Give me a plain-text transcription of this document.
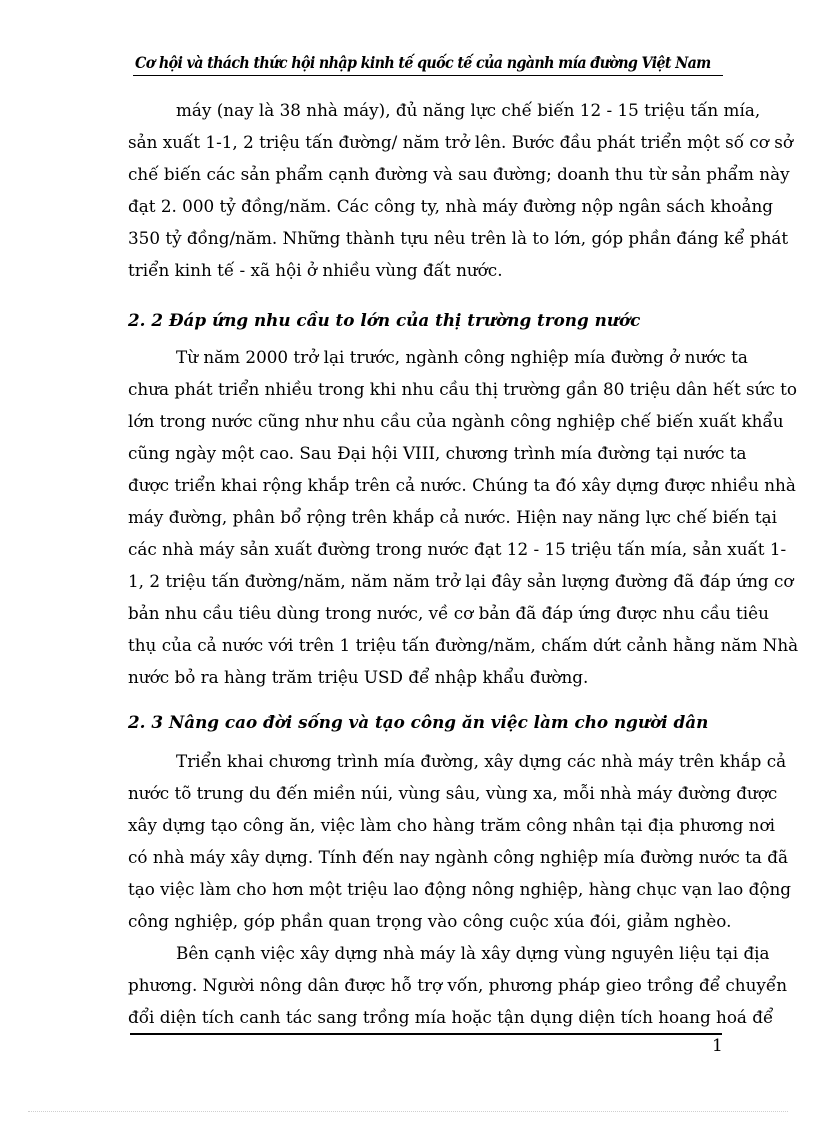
Cơ hội và thách thức hội nhập kinh tế quốc tế của ngành mía đường Việt Nam
máy (nay là 38 nhà máy), đủ năng lực chế biến 12 - 15 triệu tấn mía,
sản xuất 1-1, 2 triệu tấn đường/ năm trở lên. Bước đầu phát triển một số cơ sở
chế biến các sản phẩm cạnh đường và sau đường; doanh thu từ sản phẩm này
đạt 2. 000 tỷ đồng/năm. Các công ty, nhà máy đường nộp ngân sách khoảng
350 tỷ đồng/năm. Những thành tựu nêu trên là to lớn, góp phần đáng kể phát
triển kinh tế - xã hội ở nhiều vùng đất nước.
2. 2 Đáp ứng nhu cầu to lớn của thị trường trong nước
Từ năm 2000 trở lại trước, ngành công nghiệp mía đường ở nước ta
chưa phát triển nhiều trong khi nhu cầu thị trường gần 80 triệu dân hết sức to
lớn trong nước cũng như nhu cầu của ngành công nghiệp chế biến xuất khẩu
cũng ngày một cao. Sau Đại hội VIII, chương trình mía đường tại nước ta
được triển khai rộng khắp trên cả nước. Chúng ta đó xây dựng được nhiều nhà
máy đường, phân bổ rộng trên khắp cả nước. Hiện nay năng lực chế biến tại
các nhà máy sản xuất đường trong nước đạt 12 - 15 triệu tấn mía, sản xuất 1-
1, 2 triệu tấn đường/năm, năm năm trở lại đây sản lượng đường đã đáp ứng cơ
bản nhu cầu tiêu dùng trong nước, về cơ bản đã đáp ứng được nhu cầu tiêu
thụ của cả nước với trên 1 triệu tấn đường/năm, chấm dứt cảnh hằng năm Nhà
nước bỏ ra hàng trăm triệu USD để nhập khẩu đường.
2. 3 Nâng cao đời sống và tạo công ăn việc làm cho người dân
Triển khai chương trình mía đường, xây dựng các nhà máy trên khắp cả
nước tõ trung du đến miền núi, vùng sâu, vùng xa, mỗi nhà máy đường được
xây dựng tạo công ăn, việc làm cho hàng trăm công nhân tại địa phương nơi
có nhà máy xây dựng. Tính đến nay ngành công nghiệp mía đường nước ta đã
tạo việc làm cho hơn một triệu lao động nông nghiệp, hàng chục vạn lao động
công nghiệp, góp phần quan trọng vào công cuộc xúa đói, giảm nghèo.
Bên cạnh việc xây dựng nhà máy là xây dựng vùng nguyên liệu tại địa
phương. Người nông dân được hỗ trợ vốn, phương pháp gieo trồng để chuyển
đổi diện tích canh tác sang trồng mía hoặc tận dụng diện tích hoang hoá để
1
